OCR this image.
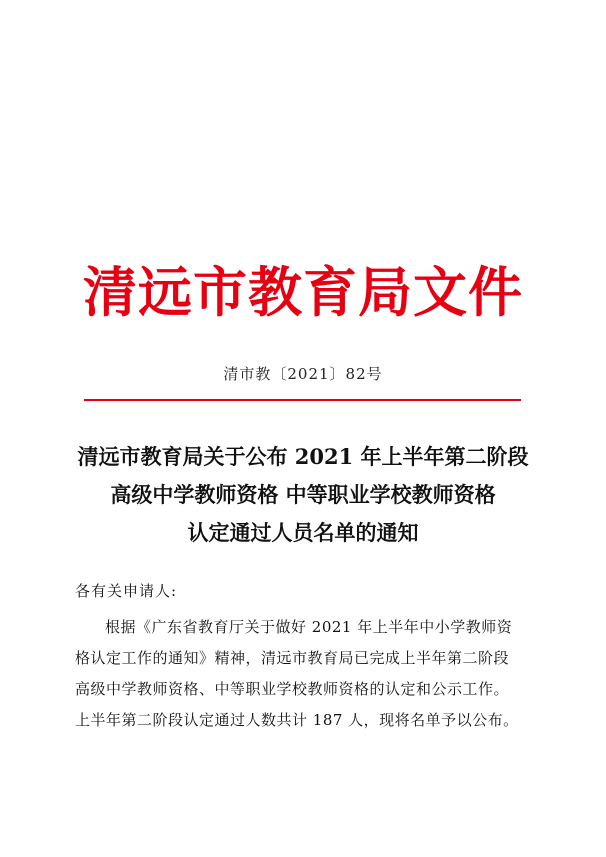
清远市教育局文件
清市教〔2021〕82号
清远市教育局关于公布 2021 年上半年第二阶段
高级中学教师资格 中等职业学校教师资格
认定通过人员名单的通知
各有关申请人:
根据《广东省教育厅关于做好 2021 年上半年中小学教师资
格认定工作的通知》精神，清远市教育局已完成上半年第二阶段
高级中学教师资格、中等职业学校教师资格的认定和公示工作。
上半年第二阶段认定通过人数共计 187 人，现将名单予以公布。
